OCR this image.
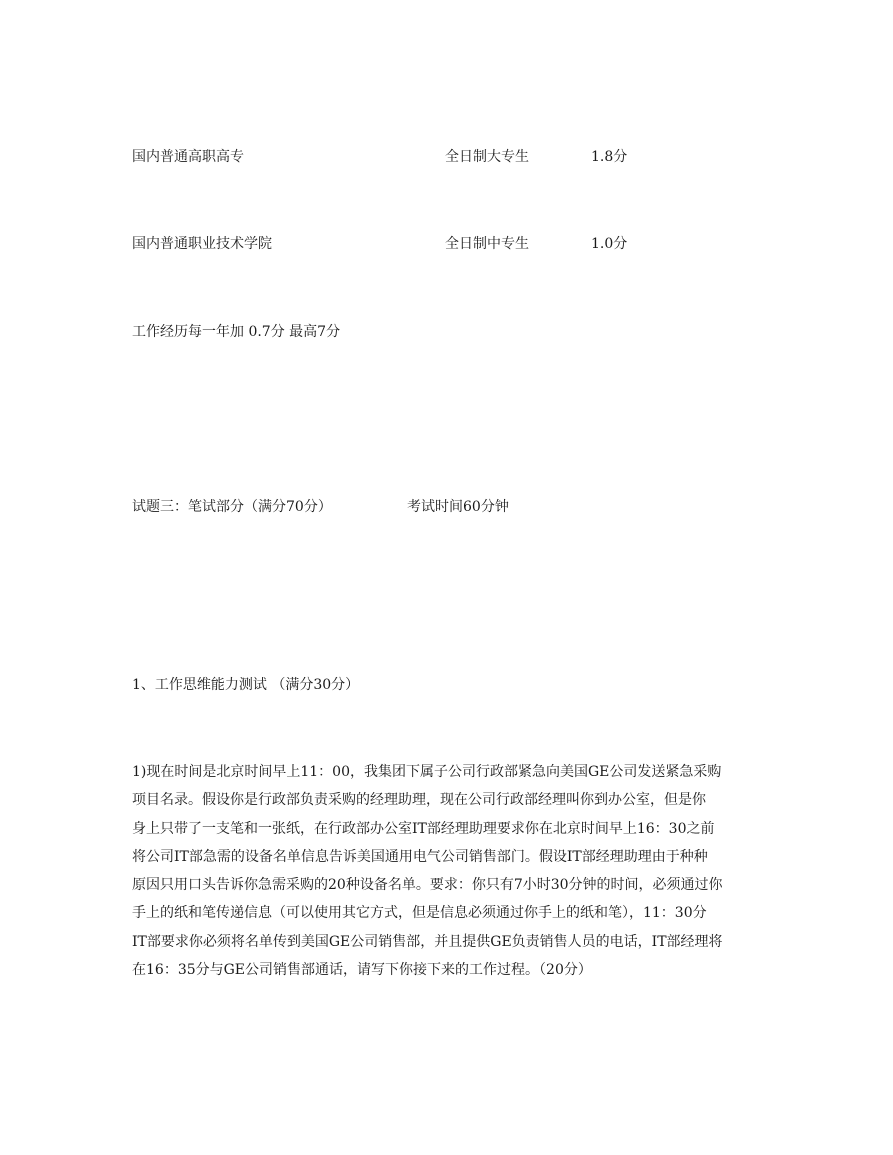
国内普通高职高专	全日制大专生	1.8分
国内普通职业技术学院	全日制中专生	1.0分
工作经历每一年加 0.7分 最高7分
试题三：笔试部分（满分70分）	考试时间60分钟
1、工作思维能力测试 （满分30分）
1)现在时间是北京时间早上11：00，我集团下属子公司行政部紧急向美国GE公司发送紧急采购
项目名录。假设你是行政部负责采购的经理助理，现在公司行政部经理叫你到办公室，但是你
身上只带了一支笔和一张纸，在行政部办公室IT部经理助理要求你在北京时间早上16：30之前
将公司IT部急需的设备名单信息告诉美国通用电气公司销售部门。假设IT部经理助理由于种种
原因只用口头告诉你急需采购的20种设备名单。要求：你只有7小时30分钟的时间，必须通过你
手上的纸和笔传递信息（可以使用其它方式，但是信息必须通过你手上的纸和笔），11：30分
IT部要求你必须将名单传到美国GE公司销售部，并且提供GE负责销售人员的电话，IT部经理将
在16：35分与GE公司销售部通话，请写下你接下来的工作过程。（20分）
